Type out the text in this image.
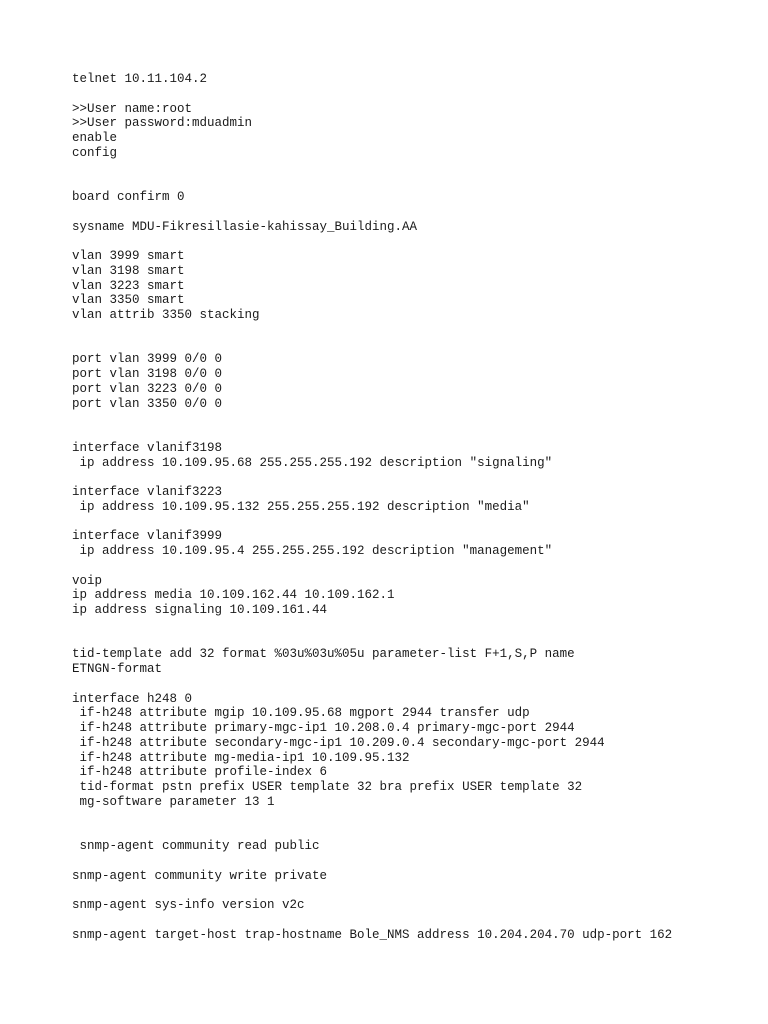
telnet 10.11.104.2
>>User name:root
>>User password:mduadmin
enable
config
board confirm 0
sysname MDU-Fikresillasie-kahissay_Building.AA
vlan 3999 smart
vlan 3198 smart
vlan 3223 smart
vlan 3350 smart
vlan attrib 3350 stacking
port vlan 3999 0/0 0
port vlan 3198 0/0 0
port vlan 3223 0/0 0
port vlan 3350 0/0 0
interface vlanif3198
ip address 10.109.95.68 255.255.255.192 description "signaling"
interface vlanif3223
ip address 10.109.95.132 255.255.255.192 description "media"
interface vlanif3999
ip address 10.109.95.4 255.255.255.192 description "management"
voip
ip address media 10.109.162.44 10.109.162.1
ip address signaling 10.109.161.44
tid-template add 32 format %03u%03u%05u parameter-list F+1,S,P name
ETNGN-format
interface h248 0
if-h248 attribute mgip 10.109.95.68 mgport 2944 transfer udp
if-h248 attribute primary-mgc-ip1 10.208.0.4 primary-mgc-port 2944
if-h248 attribute secondary-mgc-ip1 10.209.0.4 secondary-mgc-port 2944
if-h248 attribute mg-media-ip1 10.109.95.132
if-h248 attribute profile-index 6
tid-format pstn prefix USER template 32 bra prefix USER template 32
mg-software parameter 13 1
snmp-agent community read public
snmp-agent community write private
snmp-agent sys-info version v2c
snmp-agent target-host trap-hostname Bole_NMS address 10.204.204.70 udp-port 162
